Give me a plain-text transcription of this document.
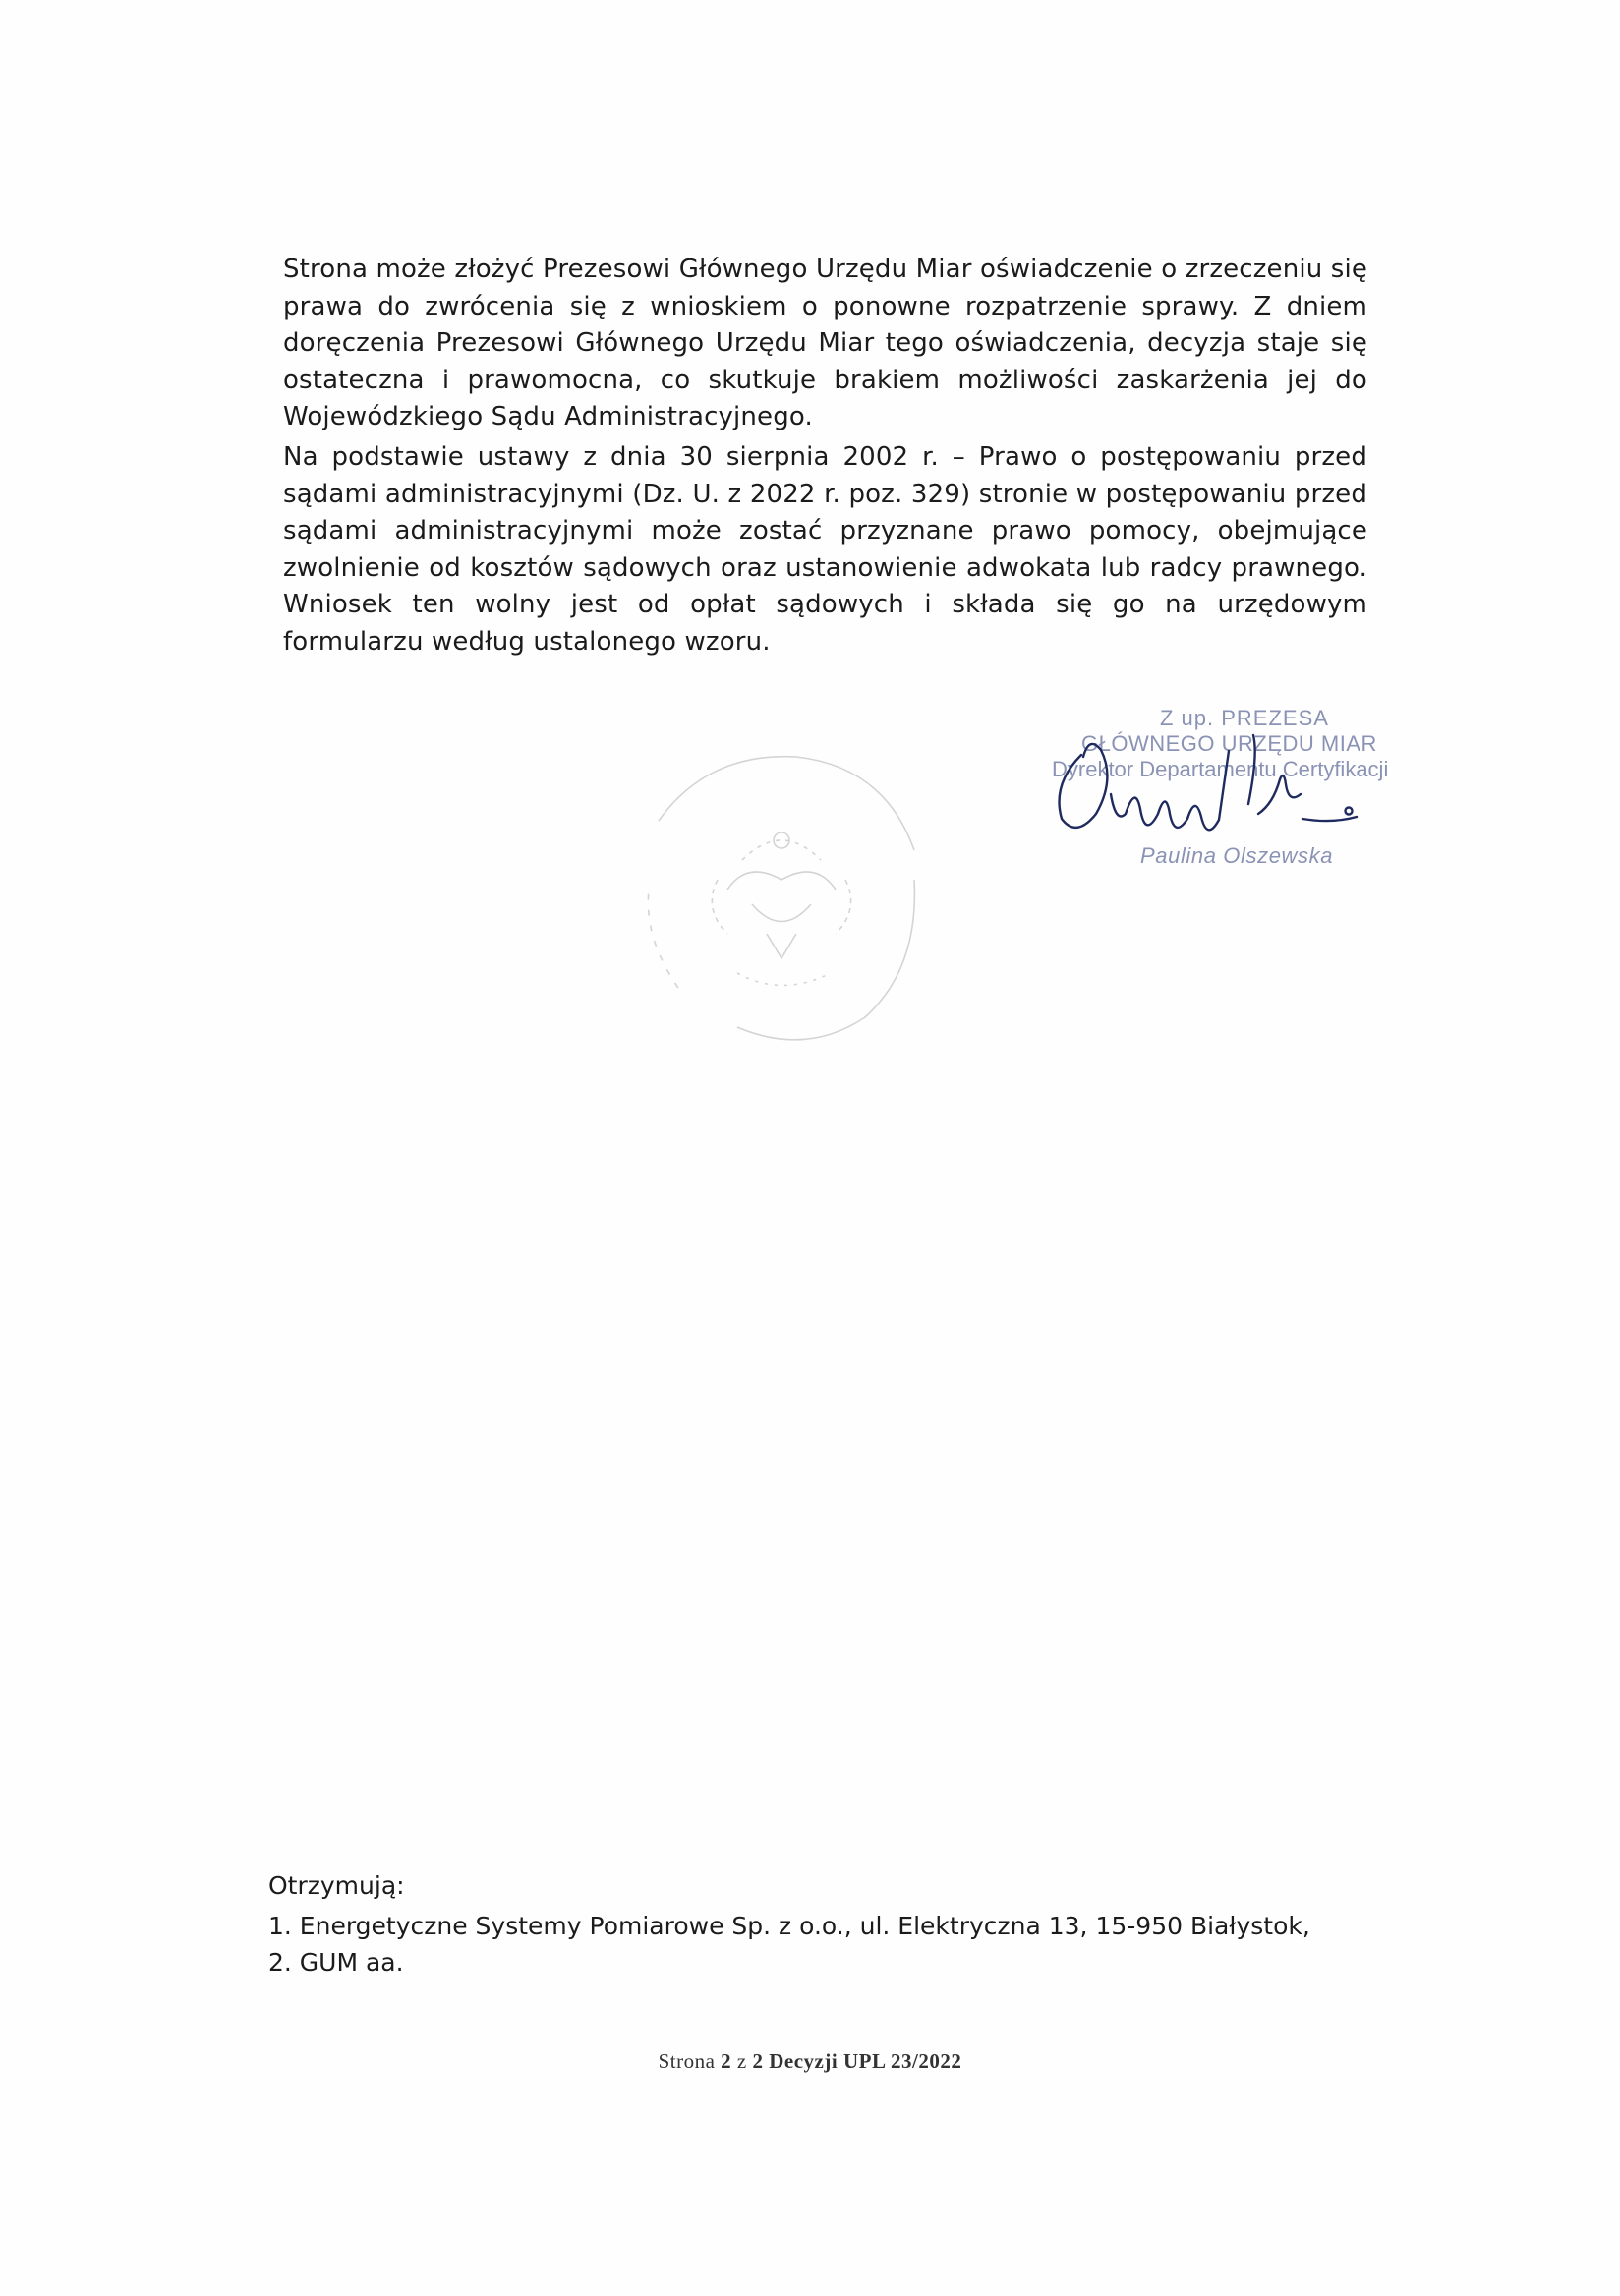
Strona może złożyć Prezesowi Głównego Urzędu Miar oświadczenie o zrzeczeniu się prawa do zwrócenia się z wnioskiem o ponowne rozpatrzenie sprawy. Z dniem doręczenia Prezesowi Głównego Urzędu Miar tego oświadczenia, decyzja staje się ostateczna i prawomocna, co skutkuje brakiem możliwości zaskarżenia jej do Wojewódzkiego Sądu Administracyjnego.

Na podstawie ustawy z dnia 30 sierpnia 2002 r. – Prawo o postępowaniu przed sądami administracyjnymi (Dz. U. z 2022 r. poz. 329) stronie w postępowaniu przed sądami administracyjnymi może zostać przyznane prawo pomocy, obejmujące zwolnienie od kosztów sądowych oraz ustanowienie adwokata lub radcy prawnego. Wniosek ten wolny jest od opłat sądowych i składa się go na urzędowym formularzu według ustalonego wzoru.

Z up. PREZESA
GŁÓWNEGO URZĘDU MIAR
Dyrektor Departamentu Certyfikacji
Paulina Olszewska

Otrzymują:

1. Energetyczne Systemy Pomiarowe Sp. z o.o., ul. Elektryczna 13, 15-950 Białystok,
2. GUM aa.
Strona 2 z 2 Decyzji UPL 23/2022
